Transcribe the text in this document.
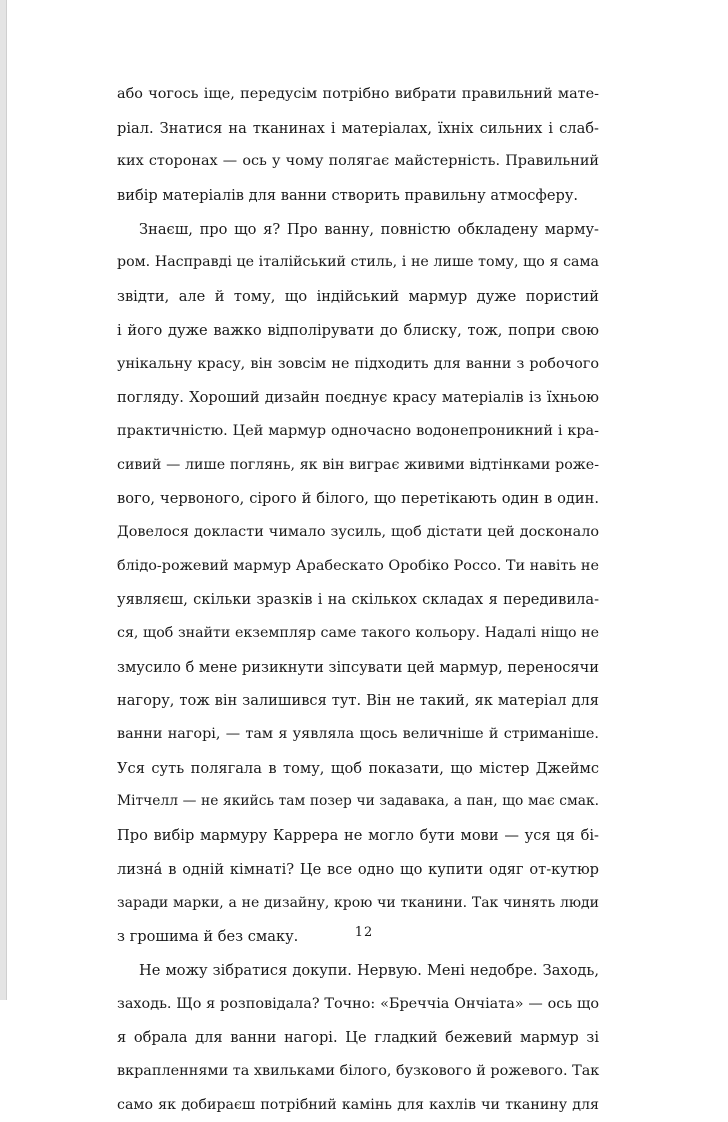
або чогось іще, передусім потрібно вибрати правильний мате-
ріал. Знатися на тканинах і матеріалах, їхніх сильних і слаб-
ких сторонах — ось у чому полягає майстерність. Правильний
вибір матеріалів для ванни створить правильну атмосферу.
Знаєш, про що я? Про ванну, повністю обкладену марму-
ром. Насправді це італійський стиль, і не лише тому, що я сама
звідти, але й тому, що індійський мармур дуже пористий
і його дуже важко відполірувати до блиску, тож, попри свою
унікальну красу, він зовсім не підходить для ванни з робочого
погляду. Хороший дизайн поєднує красу матеріалів із їхньою
практичністю. Цей мармур одночасно водонепроникний і кра-
сивий — лише поглянь, як він виграє живими відтінками роже-
вого, червоного, сірого й білого, що перетікають один в один.
Довелося докласти чимало зусиль, щоб дістати цей досконало
блідо-рожевий мармур Арабескато Оробіко Россо. Ти навіть не
уявляєш, скільки зразків і на скількох складах я передивила-
ся, щоб знайти екземпляр саме такого кольору. Надалі ніщо не
змусило б мене ризикнути зіпсувати цей мармур, переносячи
нагору, тож він залишився тут. Він не такий, як матеріал для
ванни нагорі, — там я уявляла щось величніше й стриманіше.
Уся суть полягала в тому, щоб показати, що містер Джеймс
Мітчелл — не якийсь там позер чи задавака, а пан, що має смак.
Про вибір мармуру Каррера не могло бути мови — уся ця бі-
лизна́ в одній кімнаті? Це все одно що купити одяг от-кутюр
заради марки, а не дизайну, крою чи тканини. Так чинять люди
з грошима й без смаку.
Не можу зібратися докупи. Нервую. Мені недобре. Заходь,
заходь. Що я розповідала? Точно: «Бреччіа Ончіата» — ось що
я обрала для ванни нагорі. Це гладкий бежевий мармур зі
вкрапленнями та хвильками білого, бузкового й рожевого. Так
само як добираєш потрібний камінь для кахлів чи тканину для
12
